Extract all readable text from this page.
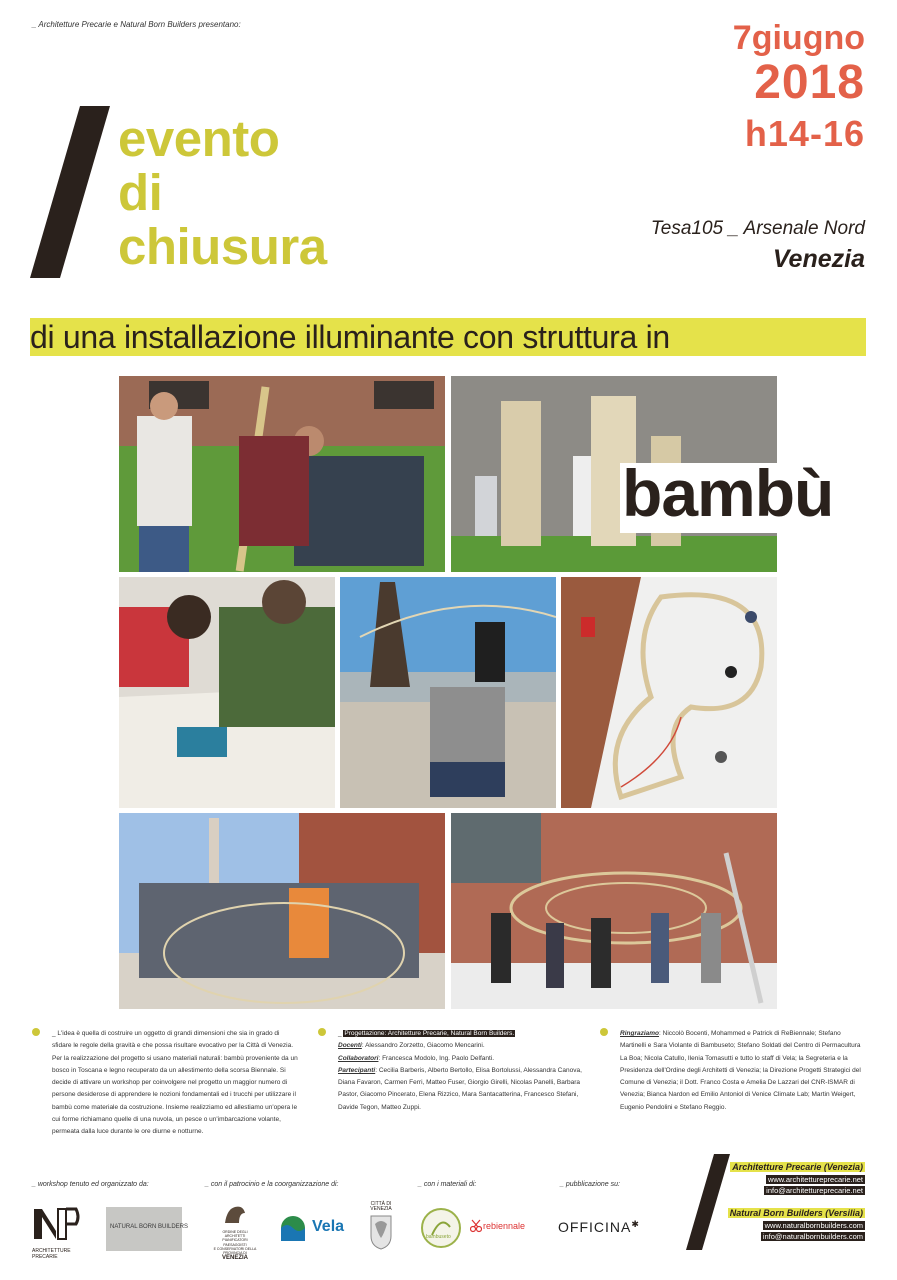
_ Architetture Precarie e Natural Born Builders presentano:
evento
di
chiusura
7giugno
2018
h14-16
Tesa105 _ Arsenale Nord
Venezia
di una installazione illuminante con struttura in
bambù
_ L'idea è quella di costruire un oggetto di grandi dimensioni che sia in grado di sfidare le regole della gravità e che possa risultare evocativo per la Città di Venezia. Per la realizzazione del progetto si usano materiali naturali: bambù proveniente da un bosco in Toscana e legno recuperato da un allestimento della scorsa Biennale. Si decide di attivare un workshop per coinvolgere nel progetto un maggior numero di persone desiderose di apprendere le nozioni fondamentali ed i trucchi per utilizzare il bambù come materiale da costruzione. Insieme realizziamo ed allestiamo un'opera le cui forme richiamano quelle di una nuvola, un pesce o un'imbarcazione volante, permeata dalla luce durante le ore diurne e notturne.
_ Progettazione: Architetture Precarie, Natural Born Builders.
Docenti: Alessandro Zorzetto, Giacomo Mencarini.
Collaboratori: Francesca Modolo, Ing. Paolo Delfanti.
Partecipanti: Cecilia Barberis, Alberto Bertollo, Elisa Bortolussi, Alessandra Canova, Diana Favaron, Carmen Ferri, Matteo Fuser, Giorgio Girelli, Nicolas Panelli, Barbara Pastor, Giacomo Pincerato, Elena Rizzico, Mara Santacatterina, Francesco Stefani, Davide Tegon, Matteo Zuppi.
Ringraziamo: Niccolò Bocenti, Mohammed e Patrick di ReBiennale; Stefano Martinelli e Sara Violante di Bambuseto; Stefano Soldati del Centro di Permacultura La Boa; Nicola Catullo, Ilenia Tomasutti e tutto lo staff di Vela; la Segreteria e la Presidenza dell'Ordine degli Architetti di Venezia; la Direzione Progetti Strategici del Comune di Venezia; il Dott. Franco Costa e Amelia De Lazzari del CNR-ISMAR di Venezia; Bianca Nardon ed Emilio Antoniol di Venice Climate Lab; Martin Weigert, Eugenio Pendolini e Stefano Reggio.
_ workshop tenuto ed organizzato da:	_ con il patrocinio e la coorganizzazione di:	_ con i materiali di:	_ pubblicazione su:
ARCHITETTURE PRECARIE
NATURAL BORN BUILDERS
ORDINE DEGLI ARCHITETTI
PIANIFICATORI PAESAGGISTI
E CONSERVATORI DELLA
PROVINCIA DI
VENEZIA
Vela
CITTÀ DI
VENEZIA
bambuseto
rebiennale OFFICINA✱
Architetture Precarie (Venezia)
www.architettureprecarie.net
info@architettureprecarie.net
Natural Born Builders (Versilia)
www.naturalbornbuilders.com
info@naturalbornbuilders.com
